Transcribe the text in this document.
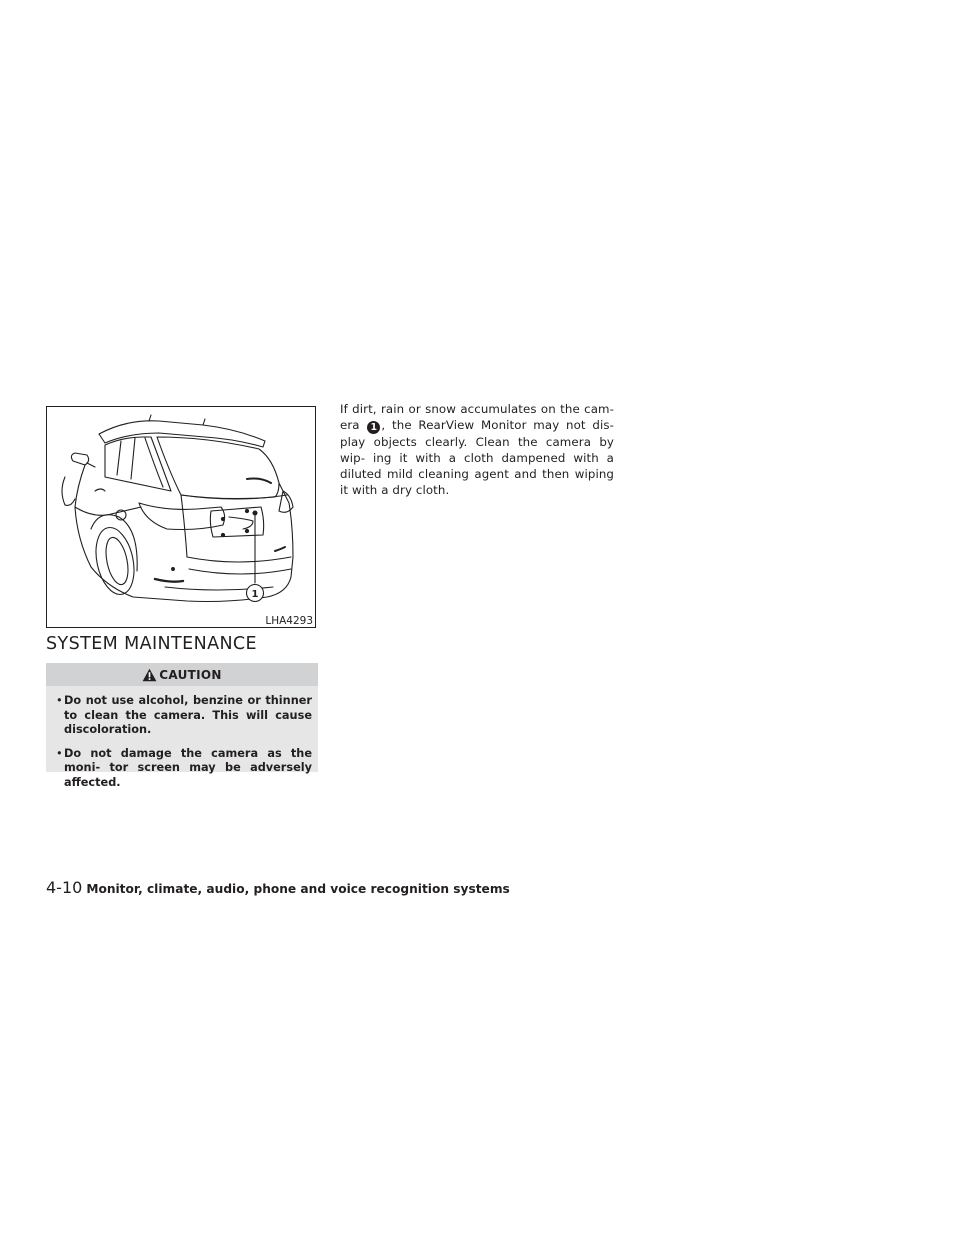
1
LHA4293
SYSTEM MAINTENANCE
CAUTION
• Do not use alcohol, benzine or thinner to clean the camera. This will cause discoloration.
• Do not damage the camera as the moni- tor screen may be adversely affected.

If dirt, rain or snow accumulates on the cam- era 1 , the RearView Monitor may not dis- play objects clearly. Clean the camera by wip- ing it with a cloth dampened with a diluted mild cleaning agent and then wiping it with a dry cloth.

4-10 Monitor, climate, audio, phone and voice recognition systems
